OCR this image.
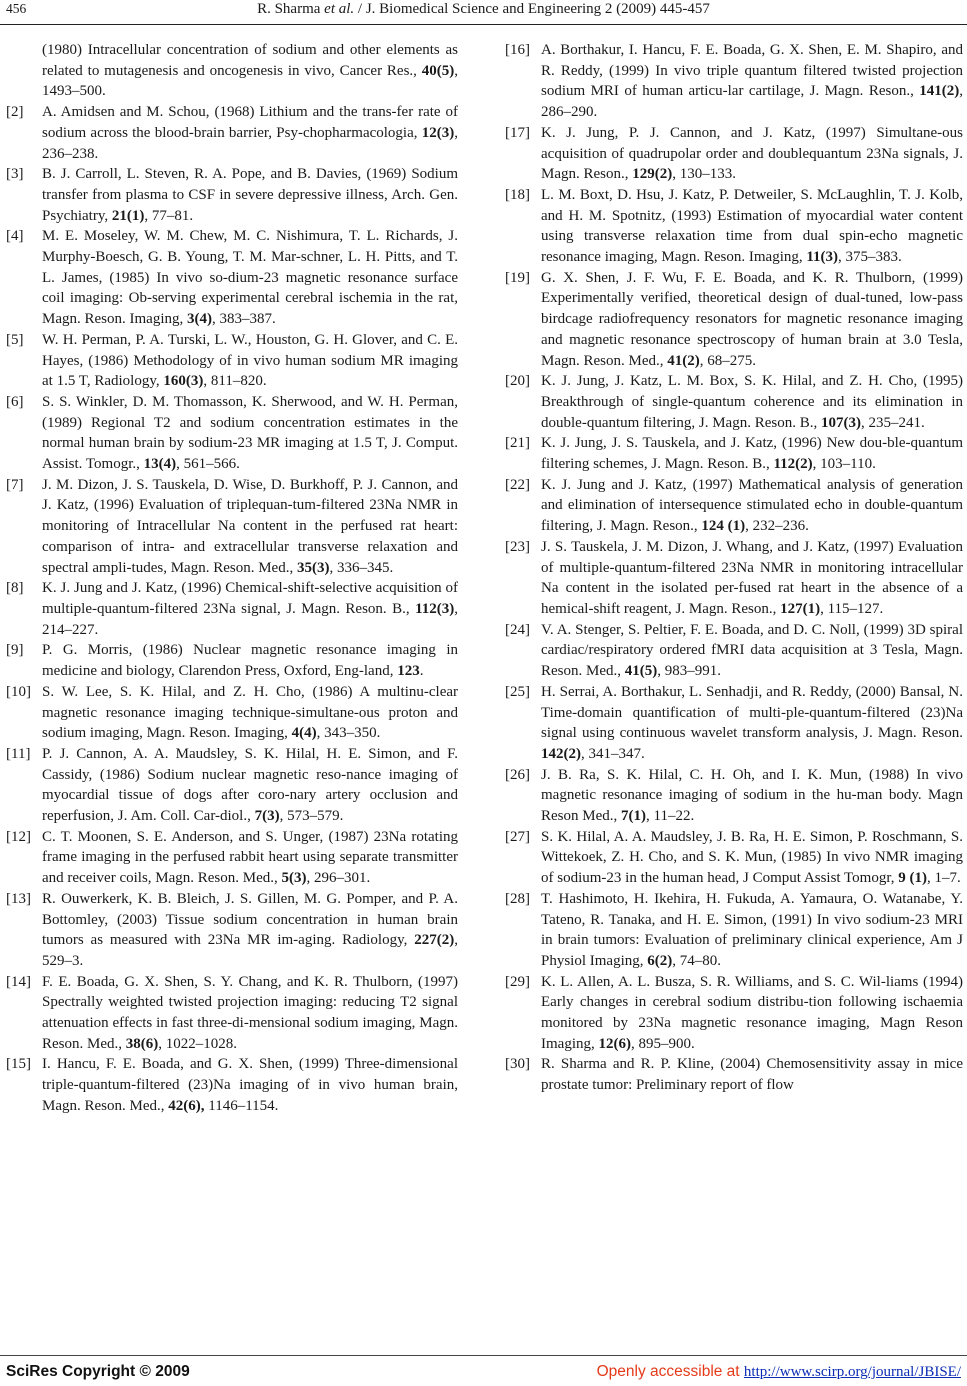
456	R. Sharma et al. / J. Biomedical Science and Engineering 2 (2009) 445-457
(1980) Intracellular concentration of sodium and other elements as related to mutagenesis and oncogenesis in vivo, Cancer Res., 40(5), 1493–500.
[2] A. Amidsen and M. Schou, (1968) Lithium and the trans-fer rate of sodium across the blood-brain barrier, Psy-chopharmacologia, 12(3), 236–238.
[3] B. J. Carroll, L. Steven, R. A. Pope, and B. Davies, (1969) Sodium transfer from plasma to CSF in severe depressive illness, Arch. Gen. Psychiatry, 21(1), 77–81.
[4] M. E. Moseley, W. M. Chew, M. C. Nishimura, T. L. Richards, J. Murphy-Boesch, G. B. Young, T. M. Mar-schner, L. H. Pitts, and T. L. James, (1985) In vivo so-dium-23 magnetic resonance surface coil imaging: Ob-serving experimental cerebral ischemia in the rat, Magn. Reson. Imaging, 3(4), 383–387.
[5] W. H. Perman, P. A. Turski, L. W., Houston, G. H. Glover, and C. E. Hayes, (1986) Methodology of in vivo human sodium MR imaging at 1.5 T, Radiology, 160(3), 811–820.
[6] S. S. Winkler, D. M. Thomasson, K. Sherwood, and W. H. Perman, (1989) Regional T2 and sodium concentration estimates in the normal human brain by sodium-23 MR imaging at 1.5 T, J. Comput. Assist. Tomogr., 13(4), 561–566.
[7] J. M. Dizon, J. S. Tauskela, D. Wise, D. Burkhoff, P. J. Cannon, and J. Katz, (1996) Evaluation of triplequan-tum-filtered 23Na NMR in monitoring of Intracellular Na content in the perfused rat heart: comparison of intra- and extracellular transverse relaxation and spectral ampli-tudes, Magn. Reson. Med., 35(3), 336–345.
[8] K. J. Jung and J. Katz, (1996) Chemical-shift-selective acquisition of multiple-quantum-filtered 23Na signal, J. Magn. Reson. B., 112(3), 214–227.
[9] P. G. Morris, (1986) Nuclear magnetic resonance imaging in medicine and biology, Clarendon Press, Oxford, Eng-land, 123.
[10] S. W. Lee, S. K. Hilal, and Z. H. Cho, (1986) A multinu-clear magnetic resonance imaging technique-simultane-ous proton and sodium imaging, Magn. Reson. Imaging, 4(4), 343–350.
[11] P. J. Cannon, A. A. Maudsley, S. K. Hilal, H. E. Simon, and F. Cassidy, (1986) Sodium nuclear magnetic reso-nance imaging of myocardial tissue of dogs after coro-nary artery occlusion and reperfusion, J. Am. Coll. Car-diol., 7(3), 573–579.
[12] C. T. Moonen, S. E. Anderson, and S. Unger, (1987) 23Na rotating frame imaging in the perfused rabbit heart using separate transmitter and receiver coils, Magn. Reson. Med., 5(3), 296–301.
[13] R. Ouwerkerk, K. B. Bleich, J. S. Gillen, M. G. Pomper, and P. A. Bottomley, (2003) Tissue sodium concentration in human brain tumors as measured with 23Na MR im-aging. Radiology, 227(2), 529–3.
[14] F. E. Boada, G. X. Shen, S. Y. Chang, and K. R. Thulborn, (1997) Spectrally weighted twisted projection imaging: reducing T2 signal attenuation effects in fast three-di-mensional sodium imaging, Magn. Reson. Med., 38(6), 1022–1028.
[15] I. Hancu, F. E. Boada, and G. X. Shen, (1999) Three-dimensional triple-quantum-filtered (23)Na imaging of in vivo human brain, Magn. Reson. Med., 42(6), 1146–1154.
[16] A. Borthakur, I. Hancu, F. E. Boada, G. X. Shen, E. M. Shapiro, and R. Reddy, (1999) In vivo triple quantum filtered twisted projection sodium MRI of human articu-lar cartilage, J. Magn. Reson., 141(2), 286–290.
[17] K. J. Jung, P. J. Cannon, and J. Katz, (1997) Simultane-ous acquisition of quadrupolar order and doublequantum 23Na signals, J. Magn. Reson., 129(2), 130–133.
[18] L. M. Boxt, D. Hsu, J. Katz, P. Detweiler, S. McLaughlin, T. J. Kolb, and H. M. Spotnitz, (1993) Estimation of myocardial water content using transverse relaxation time from dual spin-echo magnetic resonance imaging, Magn. Reson. Imaging, 11(3), 375–383.
[19] G. X. Shen, J. F. Wu, F. E. Boada, and K. R. Thulborn, (1999) Experimentally verified, theoretical design of dual-tuned, low-pass birdcage radiofrequency resonators for magnetic resonance imaging and magnetic resonance spectroscopy of human brain at 3.0 Tesla, Magn. Reson. Med., 41(2), 68–275.
[20] K. J. Jung, J. Katz, L. M. Box, S. K. Hilal, and Z. H. Cho, (1995) Breakthrough of single-quantum coherence and its elimination in double-quantum filtering, J. Magn. Reson. B., 107(3), 235–241.
[21] K. J. Jung, J. S. Tauskela, and J. Katz, (1996) New dou-ble-quantum filtering schemes, J. Magn. Reson. B., 112(2), 103–110.
[22] K. J. Jung and J. Katz, (1997) Mathematical analysis of generation and elimination of intersequence stimulated echo in double-quantum filtering, J. Magn. Reson., 124 (1), 232–236.
[23] J. S. Tauskela, J. M. Dizon, J. Whang, and J. Katz, (1997) Evaluation of multiple-quantum-filtered 23Na NMR in monitoring intracellular Na content in the isolated per-fused rat heart in the absence of a hemical-shift reagent, J. Magn. Reson., 127(1), 115–127.
[24] V. A. Stenger, S. Peltier, F. E. Boada, and D. C. Noll, (1999) 3D spiral cardiac/respiratory ordered fMRI data acquisition at 3 Tesla, Magn. Reson. Med., 41(5), 983–991.
[25] H. Serrai, A. Borthakur, L. Senhadji, and R. Reddy, (2000) Bansal, N. Time-domain quantification of multi-ple-quantum-filtered (23)Na signal using continuous wavelet transform analysis, J. Magn. Reson. 142(2), 341–347.
[26] J. B. Ra, S. K. Hilal, C. H. Oh, and I. K. Mun, (1988) In vivo magnetic resonance imaging of sodium in the hu-man body. Magn Reson Med., 7(1), 11–22.
[27] S. K. Hilal, A. A. Maudsley, J. B. Ra, H. E. Simon, P. Roschmann, S. Wittekoek, Z. H. Cho, and S. K. Mun, (1985) In vivo NMR imaging of sodium-23 in the human head, J Comput Assist Tomogr, 9 (1), 1–7.
[28] T. Hashimoto, H. Ikehira, H. Fukuda, A. Yamaura, O. Watanabe, Y. Tateno, R. Tanaka, and H. E. Simon, (1991) In vivo sodium-23 MRI in brain tumors: Evaluation of preliminary clinical experience, Am J Physiol Imaging, 6(2), 74–80.
[29] K. L. Allen, A. L. Busza, S. R. Williams, and S. C. Wil-liams (1994) Early changes in cerebral sodium distribu-tion following ischaemia monitored by 23Na magnetic resonance imaging, Magn Reson Imaging, 12(6), 895–900.
[30] R. Sharma and R. P. Kline, (2004) Chemosensitivity assay in mice prostate tumor: Preliminary report of flow
SciRes Copyright © 2009	Openly accessible at http://www.scirp.org/journal/JBISE/
